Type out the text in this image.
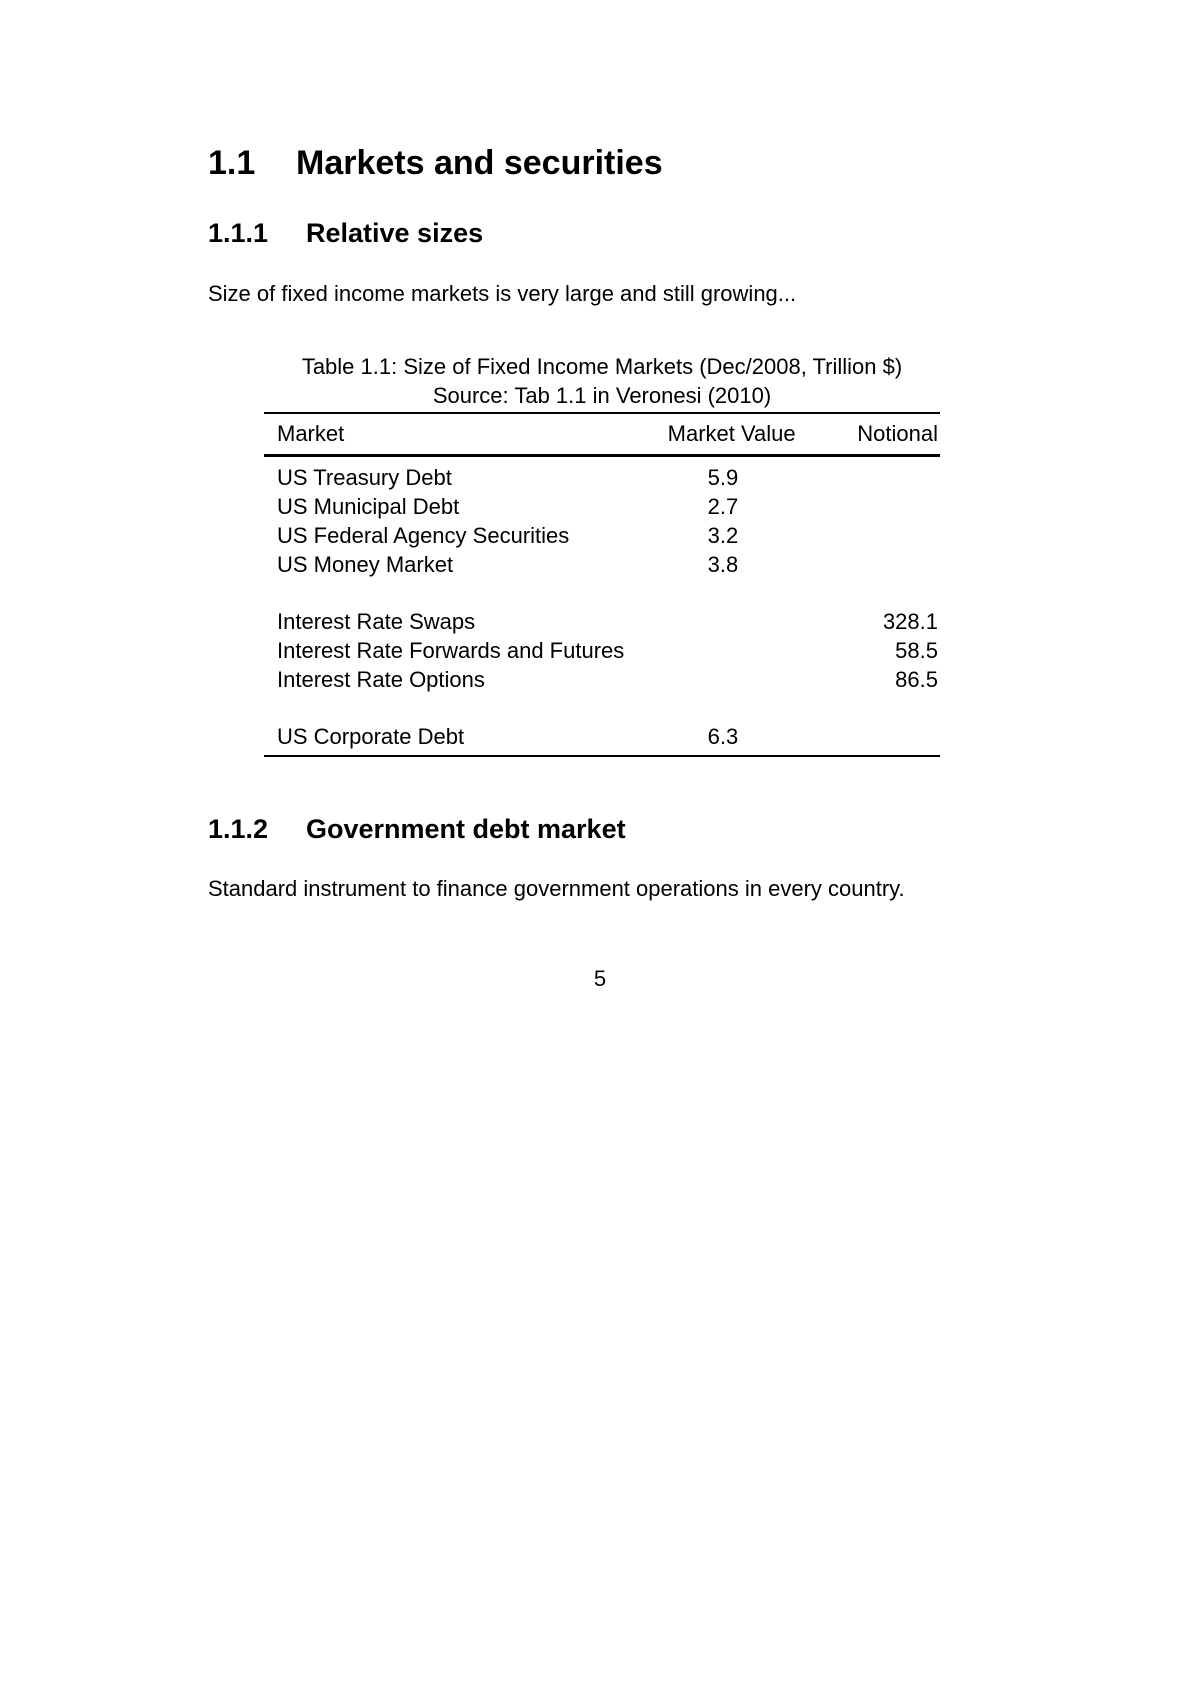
1.1 Markets and securities
1.1.1 Relative sizes

Size of fixed income markets is very large and still growing...

Table 1.1: Size of Fixed Income Markets (Dec/2008, Trillion $)
Source: Tab 1.1 in Veronesi (2010)
Market	Market Value	Notional
US Treasury Debt	5.9	
US Municipal Debt	2.7	
US Federal Agency Securities	3.2	
US Money Market	3.8	

Interest Rate Swaps		328.1
Interest Rate Forwards and Futures		58.5
Interest Rate Options		86.5

US Corporate Debt	6.3	
1.1.2 Government debt market

Standard instrument to finance government operations in every country.

5
